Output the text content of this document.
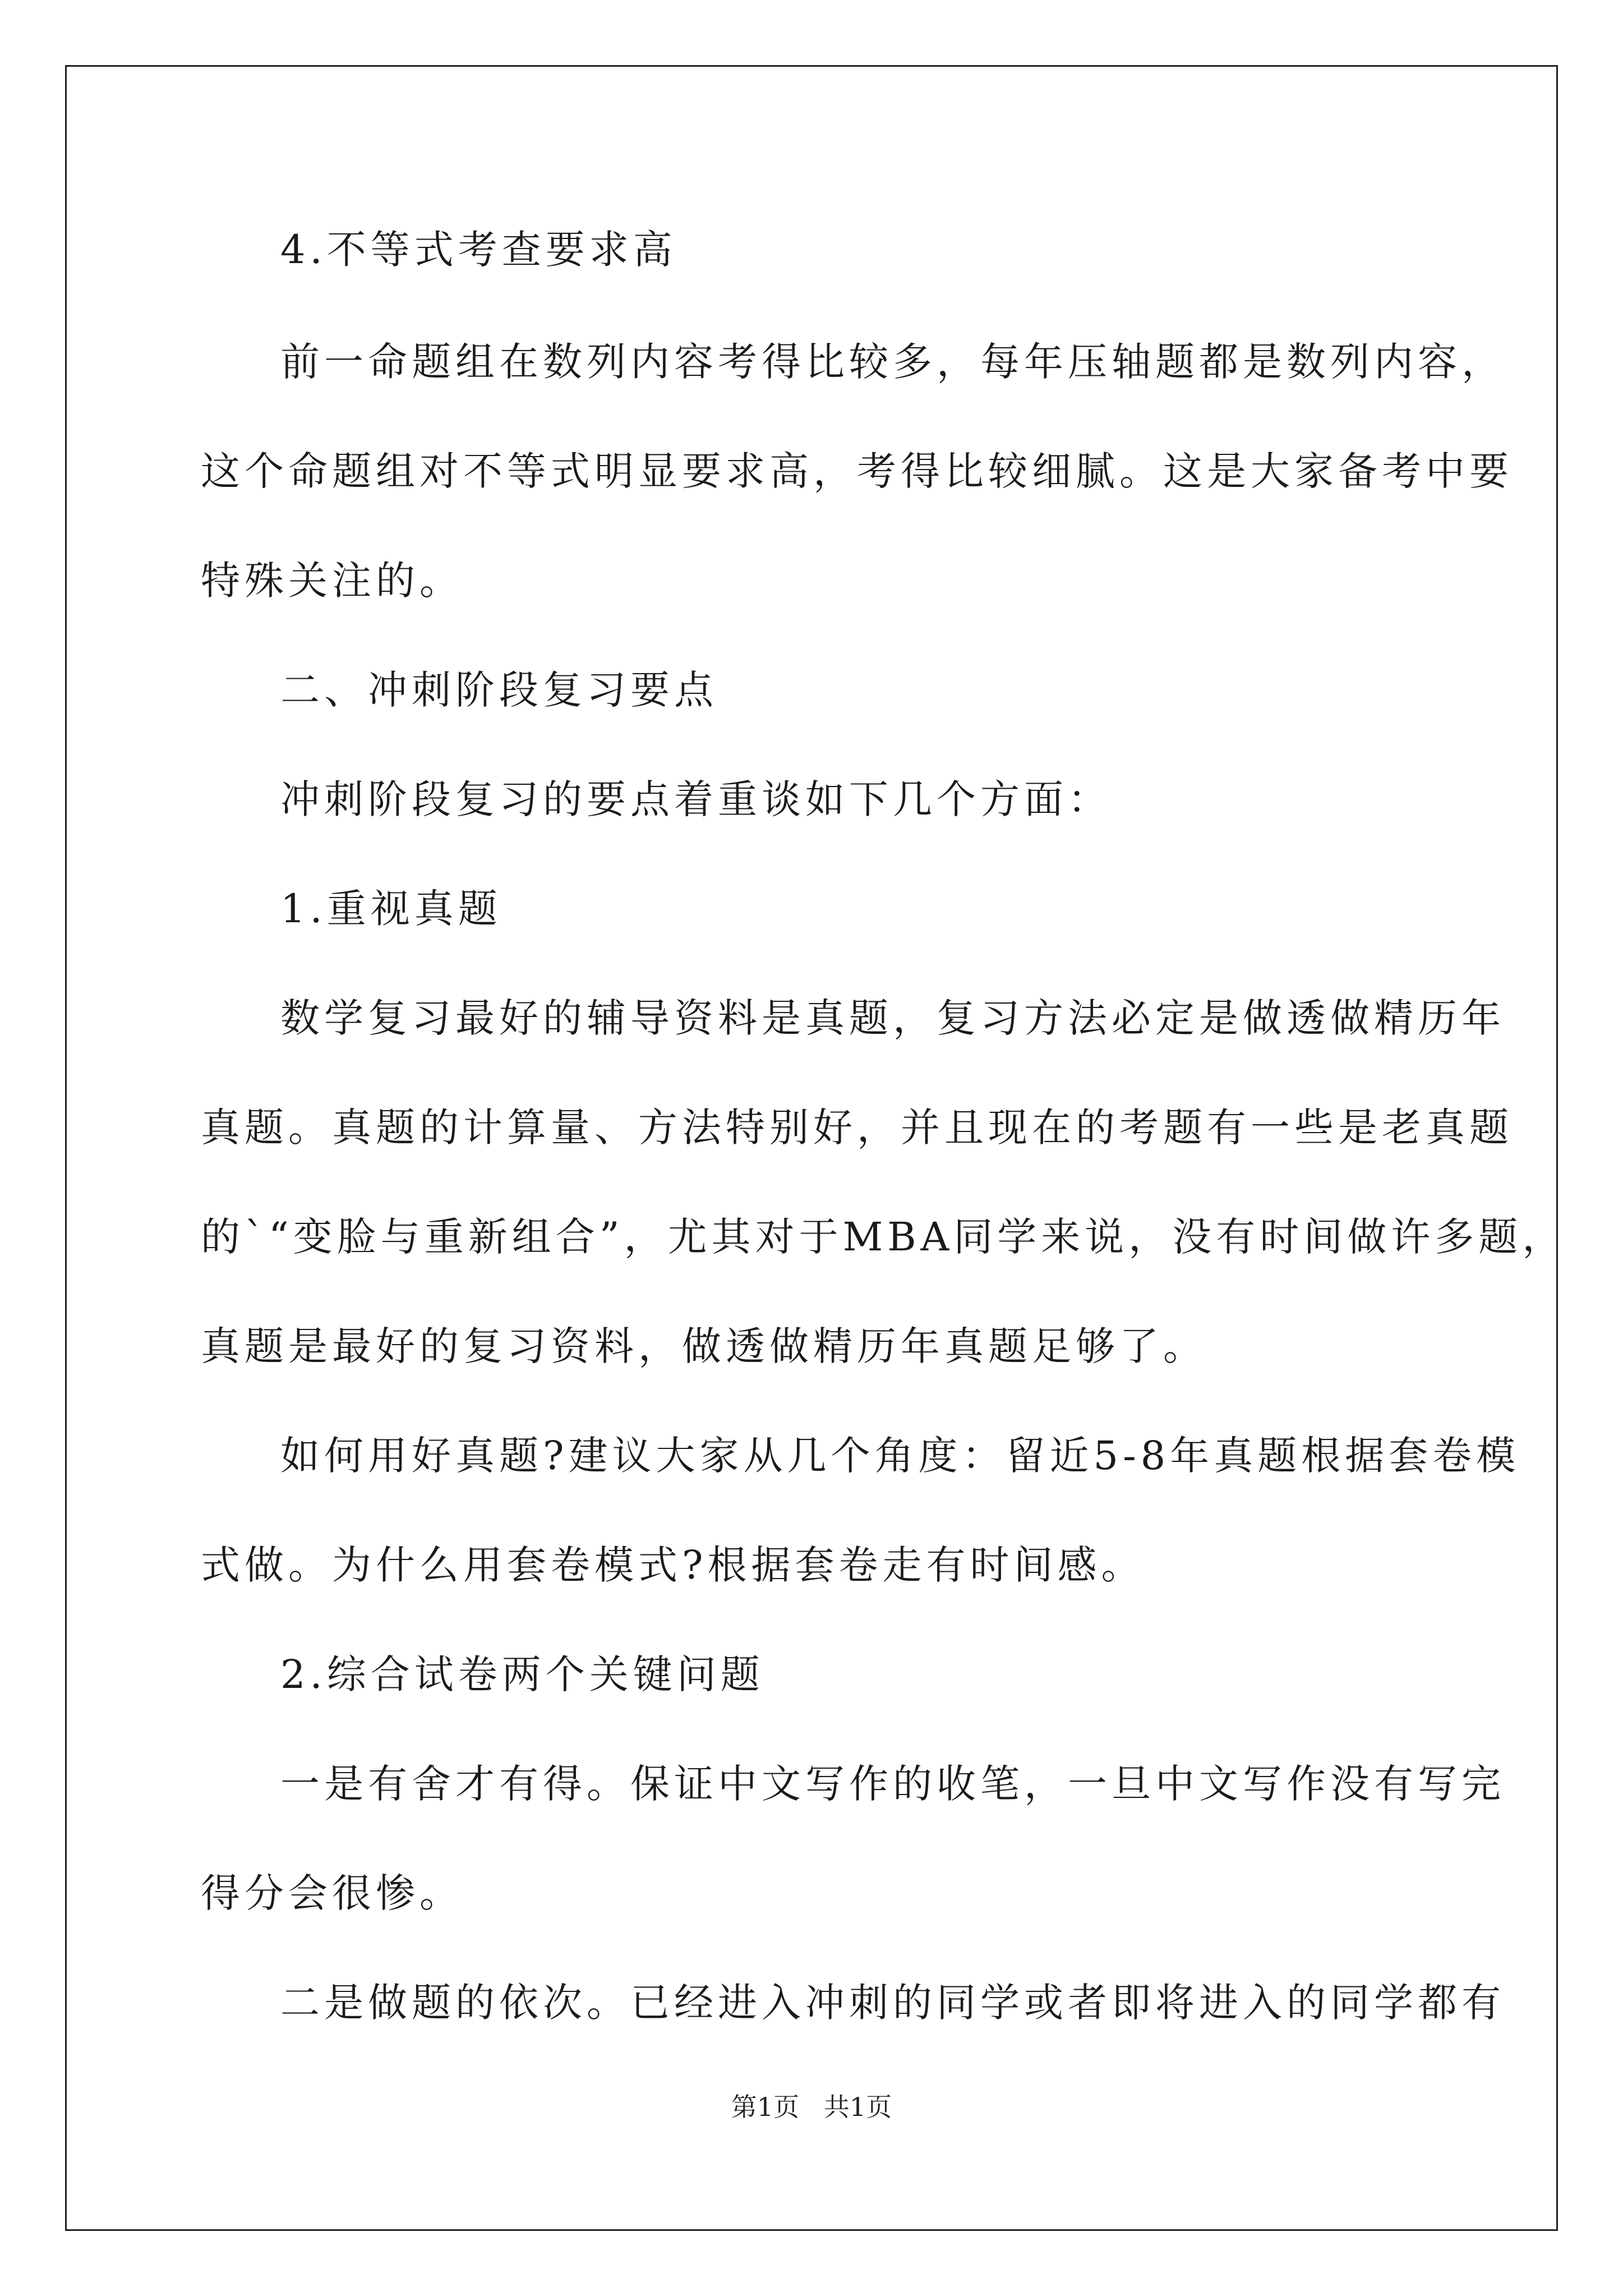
4.不等式考查要求高
前一命题组在数列内容考得比较多，每年压轴题都是数列内容，
这个命题组对不等式明显要求高，考得比较细腻。这是大家备考中要
特殊关注的。
二、冲刺阶段复习要点
冲刺阶段复习的要点着重谈如下几个方面：
1.重视真题
数学复习最好的辅导资料是真题，复习方法必定是做透做精历年
真题。真题的计算量、方法特别好，并且现在的考题有一些是老真题
的`“变脸与重新组合”，尤其对于MBA同学来说，没有时间做许多题，
真题是最好的复习资料，做透做精历年真题足够了。
如何用好真题?建议大家从几个角度：留近5-8年真题根据套卷模
式做。为什么用套卷模式?根据套卷走有时间感。
2.综合试卷两个关键问题
一是有舍才有得。保证中文写作的收笔，一旦中文写作没有写完
得分会很惨。
二是做题的依次。已经进入冲刺的同学或者即将进入的同学都有
第1页   共1页
